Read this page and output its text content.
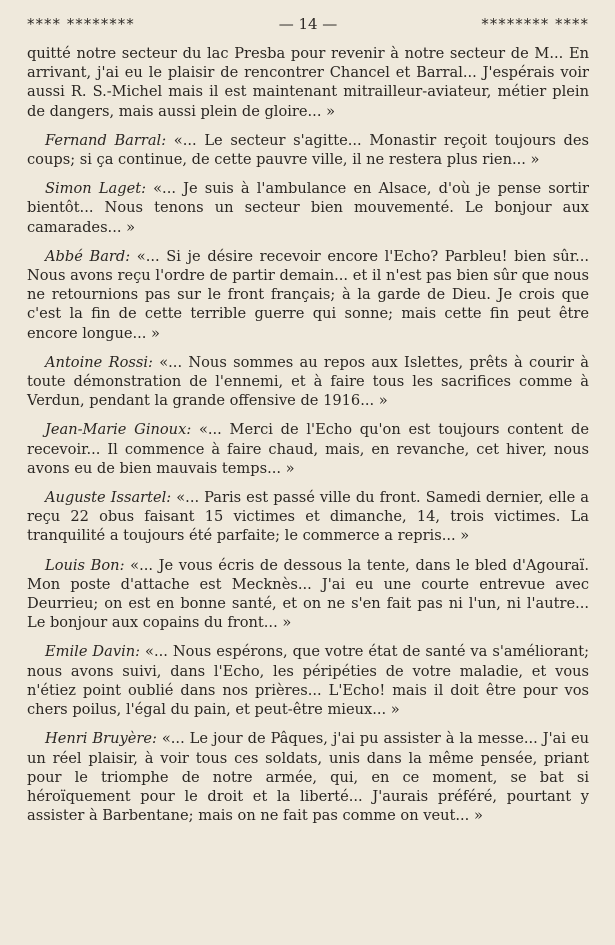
**** ********	— 14 —	******** ****

quitté notre secteur du lac Presba pour revenir à notre secteur de M... En arrivant, j'ai eu le plaisir de rencontrer Chancel et Barral... J'espérais voir aussi R. S.-Michel mais il est maintenant mitrailleur-aviateur, métier plein de dangers, mais aussi plein de gloire... »

Fernand Barral: «... Le secteur s'agitte... Monastir reçoit toujours des coups; si ça continue, de cette pauvre ville, il ne restera plus rien... »

Simon Laget: «... Je suis à l'ambulance en Alsace, d'où je pense sortir bientôt... Nous tenons un secteur bien mouvementé. Le bonjour aux camarades... »

Abbé Bard: «... Si je désire recevoir encore l'Echo? Parbleu! bien sûr... Nous avons reçu l'ordre de partir demain... et il n'est pas bien sûr que nous ne retournions pas sur le front français; à la garde de Dieu. Je crois que c'est la fin de cette terrible guerre qui sonne; mais cette fin peut être encore longue... »

Antoine Rossi: «... Nous sommes au repos aux Islettes, prêts à courir à toute démonstration de l'ennemi, et à faire tous les sacrifices comme à Verdun, pendant la grande offensive de 1916... »

Jean-Marie Ginoux: «... Merci de l'Echo qu'on est toujours content de recevoir... Il commence à faire chaud, mais, en revanche, cet hiver, nous avons eu de bien mauvais temps... »

Auguste Issartel: «... Paris est passé ville du front. Samedi dernier, elle a reçu 22 obus faisant 15 victimes et dimanche, 14, trois victimes. La tranquilité a toujours été parfaite; le commerce a repris... »

Louis Bon: «... Je vous écris de dessous la tente, dans le bled d'Agouraï. Mon poste d'attache est Mecknès... J'ai eu une courte entrevue avec Deurrieu; on est en bonne santé, et on ne s'en fait pas ni l'un, ni l'autre... Le bonjour aux copains du front... »

Emile Davin: «... Nous espérons, que votre état de santé va s'améliorant; nous avons suivi, dans l'Echo, les péripéties de votre maladie, et vous n'étiez point oublié dans nos prières... L'Echo! mais il doit être pour vos chers poilus, l'égal du pain, et peut-être mieux... »

Henri Bruyère: «... Le jour de Pâques, j'ai pu assister à la messe... J'ai eu un réel plaisir, à voir tous ces soldats, unis dans la même pensée, priant pour le triomphe de notre armée, qui, en ce moment, se bat si héroïquement pour le droit et la liberté... J'aurais préféré, pourtant y assister à Barbentane; mais on ne fait pas comme on veut... »
